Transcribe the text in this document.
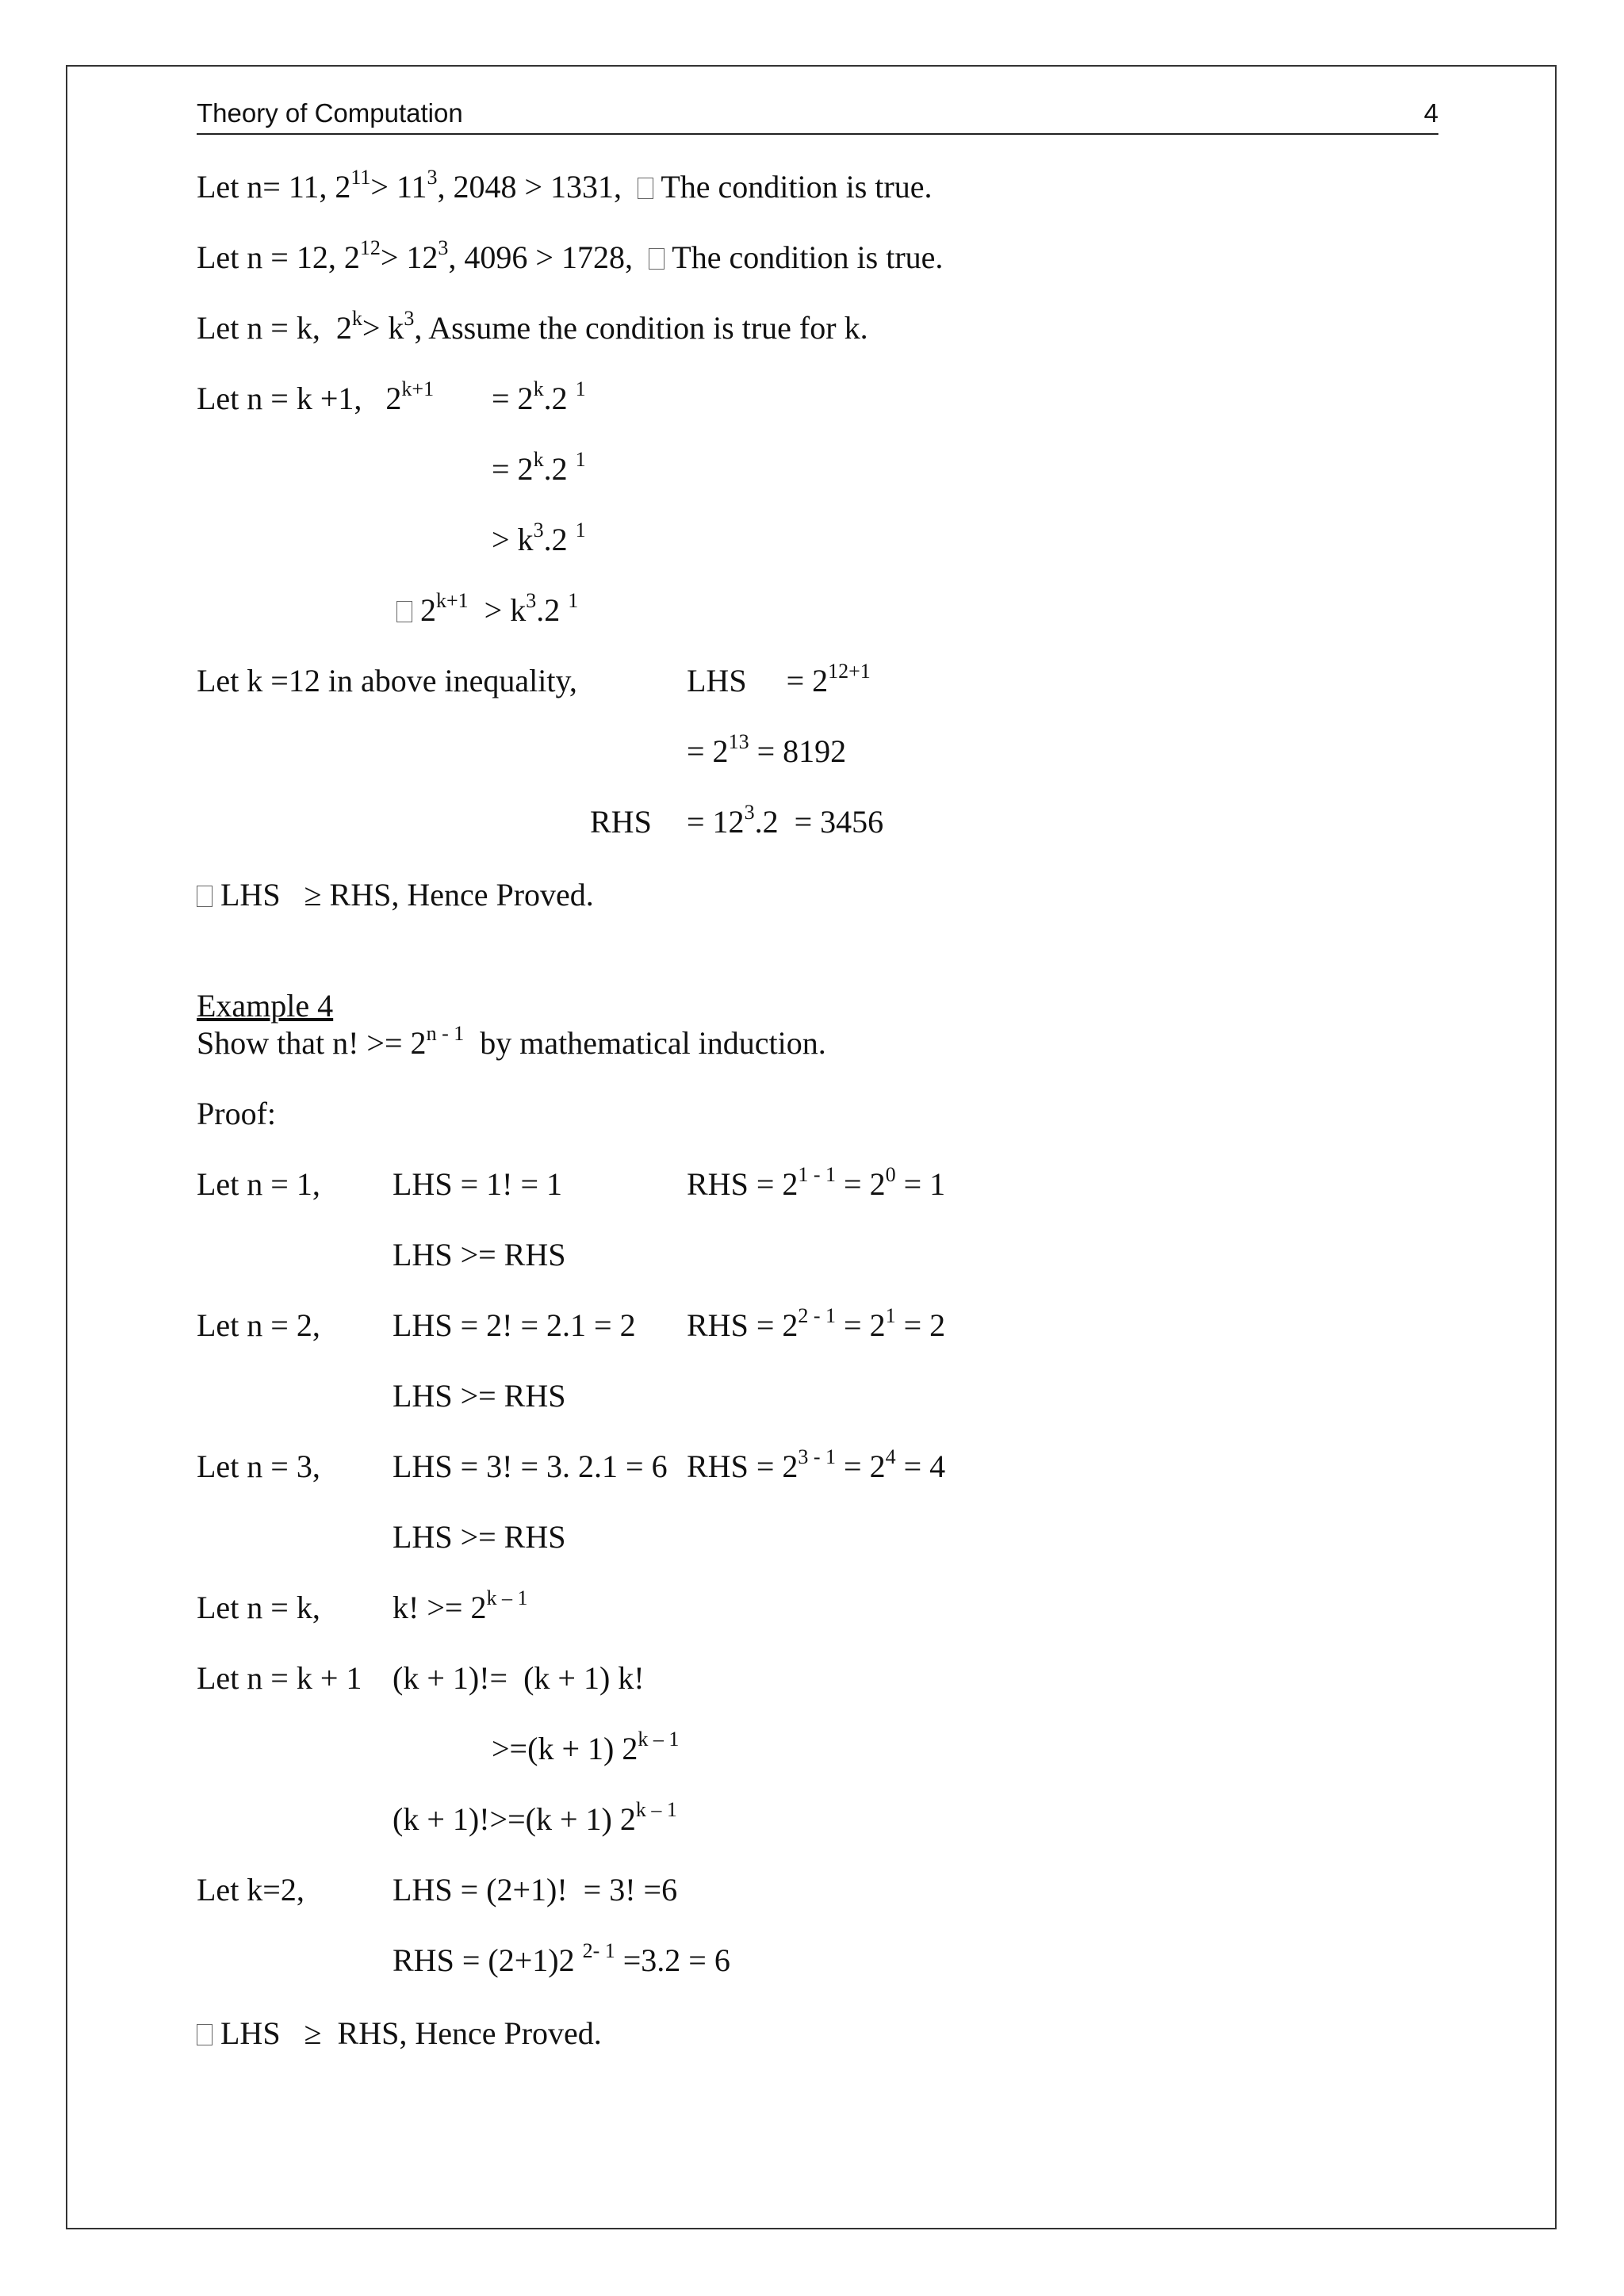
Theory of Computation	4
Let n= 11, $2^{11}> 11^3$, 2048 > 1331,   The condition is true.
Let n = 12, $2^{12}> 12^3$, 4096 > 1728,   The condition is true.
Let n = k,  $2^k> k^3$, Assume the condition is true for k.
Let n = k +1,   $2^{k+1} = 2^k.2$ $^1$
= $2^k.2$ $^1$
> $k^3.2$ $^1$
$2^{k+1} > k^3.2$ $^1$
Let k =12 in above inequality,	LHS     = $2^{12+1}$
= $2^{13} = 8192$
RHS = $12^3.2 = 3456$
LHS   ≥ RHS, Hence Proved.
Example 4
Show that n! >= $2^{n - 1}$  by mathematical induction.
Proof:
Let n = 1, LHS = 1! = 1	RHS = $2^{1 - 1} = 2^0 = 1$
LHS >= RHS
Let n = 2, LHS = 2! = 2.1 = 2 RHS = $2^{2 - 1} = 2^1 = 2$
LHS >= RHS
Let n = 3, LHS = 3! = 3. 2.1 = 6 RHS = $2^{3 - 1} = 2^4 = 4$
LHS >= RHS
Let n = k, k! >= $2^{k - 1}$
Let n = k + 1 (k + 1)!=  (k + 1) k!
>=(k + 1) 2$^{k - 1}$
(k + 1)!>=(k + 1) 2$^{k - 1}$
Let k=2,	LHS = (2+1)!  = 3! =6
RHS = (2+1)2 $^{2- 1}$ =3.2 = 6
LHS   ≥  RHS, Hence Proved.
